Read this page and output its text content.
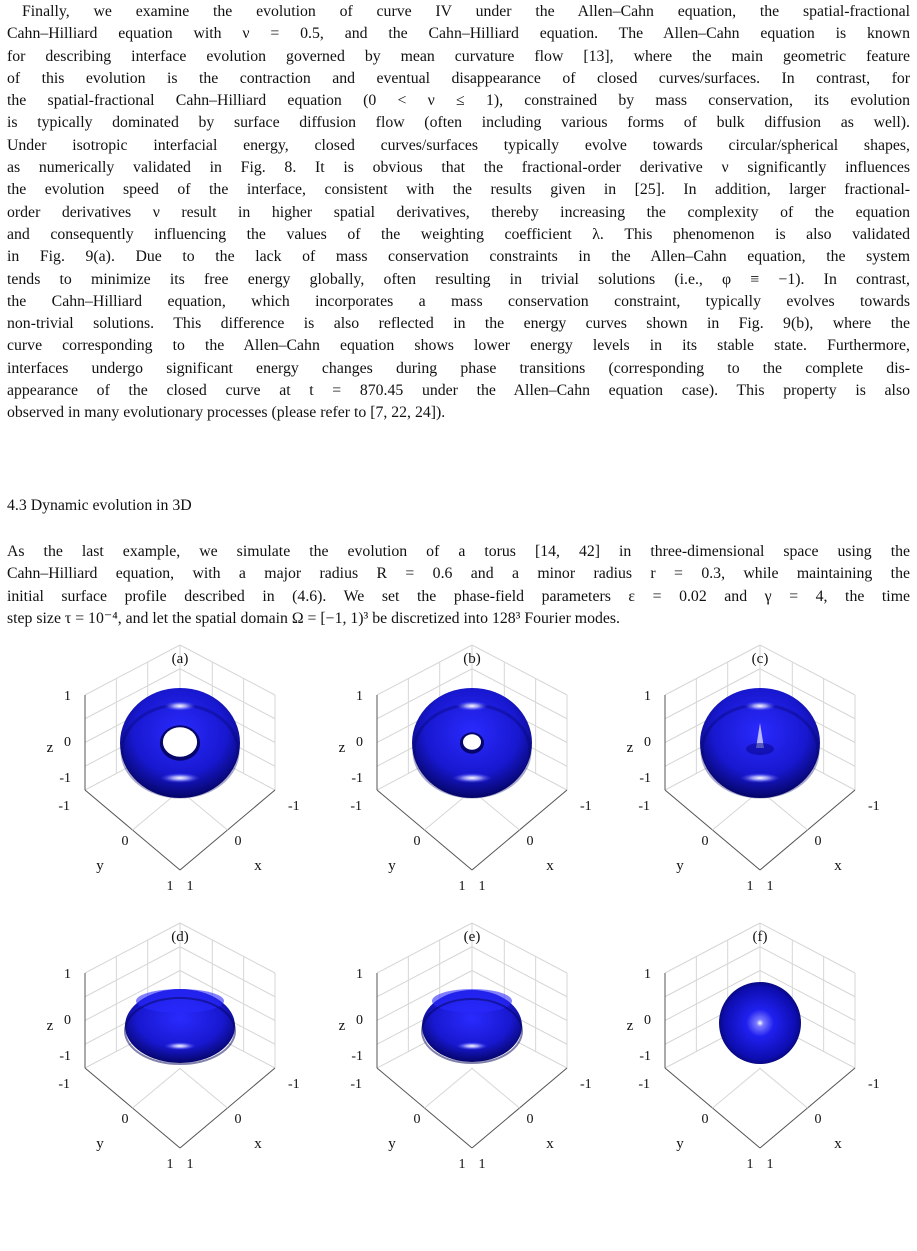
Finally, we examine the evolution of curve IV under the Allen–Cahn equation, the spatial-fractional
Cahn–Hilliard equation with ν = 0.5, and the Cahn–Hilliard equation. The Allen–Cahn equation is known
for describing interface evolution governed by mean curvature flow [13], where the main geometric feature
of this evolution is the contraction and eventual disappearance of closed curves/surfaces. In contrast, for
the spatial-fractional Cahn–Hilliard equation (0 < ν ≤ 1), constrained by mass conservation, its evolution
is typically dominated by surface diffusion flow (often including various forms of bulk diffusion as well).
Under isotropic interfacial energy, closed curves/surfaces typically evolve towards circular/spherical shapes,
as numerically validated in Fig. 8. It is obvious that the fractional-order derivative ν significantly influences
the evolution speed of the interface, consistent with the results given in [25]. In addition, larger fractional-
order derivatives ν result in higher spatial derivatives, thereby increasing the complexity of the equation
and consequently influencing the values of the weighting coefficient λ. This phenomenon is also validated
in Fig. 9(a). Due to the lack of mass conservation constraints in the Allen–Cahn equation, the system
tends to minimize its free energy globally, often resulting in trivial solutions (i.e., φ ≡ −1). In contrast,
the Cahn–Hilliard equation, which incorporates a mass conservation constraint, typically evolves towards
non-trivial solutions. This difference is also reflected in the energy curves shown in Fig. 9(b), where the
curve corresponding to the Allen–Cahn equation shows lower energy levels in its stable state. Furthermore,
interfaces undergo significant energy changes during phase transitions (corresponding to the complete dis-
appearance of the closed curve at t = 870.45 under the Allen–Cahn equation case). This property is also
observed in many evolutionary processes (please refer to [7, 22, 24]).
4.3 Dynamic evolution in 3D
As the last example, we simulate the evolution of a torus [14, 42] in three-dimensional space using the
Cahn–Hilliard equation, with a major radius R = 0.6 and a minor radius r = 0.3, while maintaining the
initial surface profile described in (4.6). We set the phase-field parameters ε = 0.02 and γ = 4, the time
step size τ = 10⁻⁴, and let the spatial domain Ω = [−1, 1)³ be discretized into 128³ Fourier modes.
1
0
-1
z
-1
0
1
y
1
0
-1
x
(a)
1
0
-1
z
-1
0
1
y
1
0
-1
x
(b)
1
0
-1
z
-1
0
1
y
1
0
-1
x
(c)
1
0
-1
z
-1
0
1
y
1
0
-1
x
(d)
1
0
-1
z
-1
0
1
y
1
0
-1
x
(e)
1
0
-1
z
-1
0
1
y
1
0
-1
x
(f)
